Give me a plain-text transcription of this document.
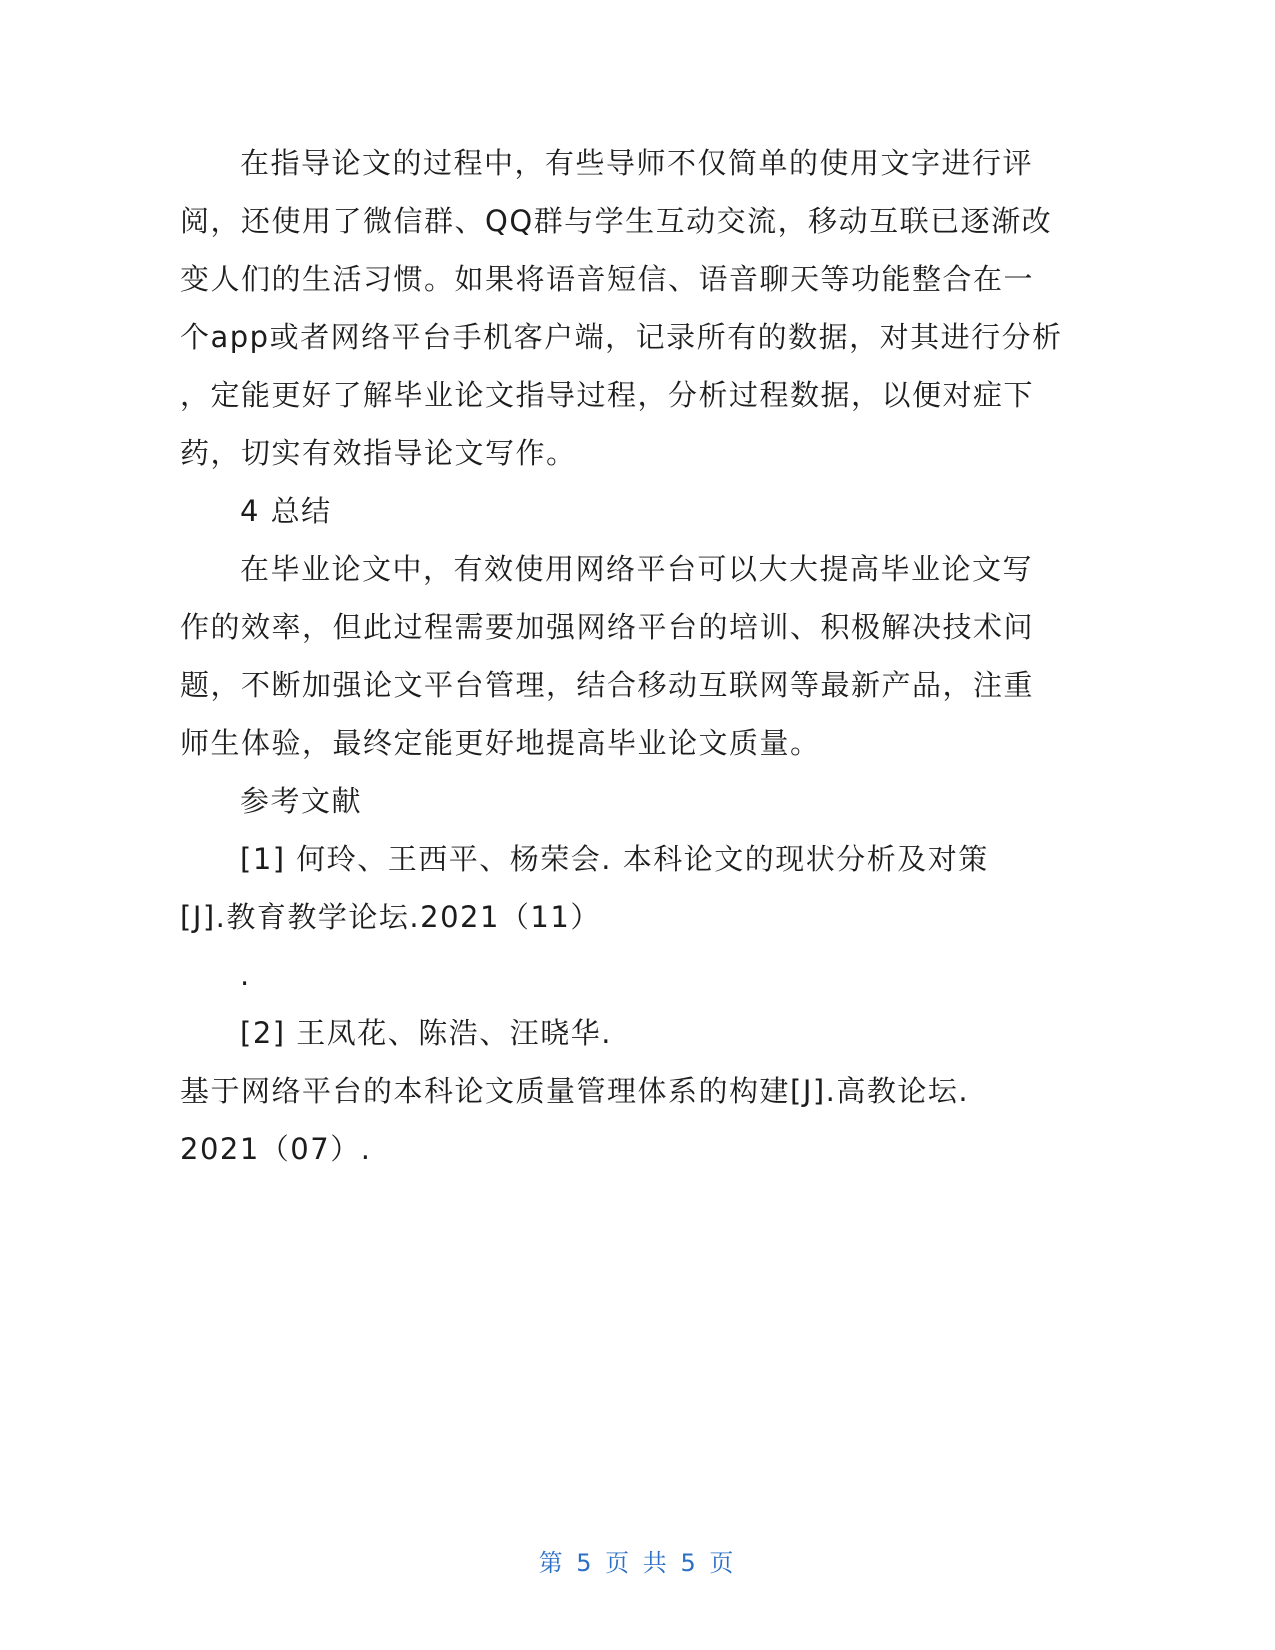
在指导论文的过程中，有些导师不仅简单的使用文字进行评

阅，还使用了微信群、QQ群与学生互动交流，移动互联已逐渐改

变人们的生活习惯。如果将语音短信、语音聊天等功能整合在一

个app或者网络平台手机客户端，记录所有的数据，对其进行分析

，定能更好了解毕业论文指导过程，分析过程数据，以便对症下

药，切实有效指导论文写作。

4 总结

在毕业论文中，有效使用网络平台可以大大提高毕业论文写

作的效率，但此过程需要加强网络平台的培训、积极解决技术问

题，不断加强论文平台管理，结合移动互联网等最新产品，注重

师生体验，最终定能更好地提高毕业论文质量。

参考文献

[1] 何玲、王西平、杨荣会. 本科论文的现状分析及对策

[J].教育教学论坛.2021（11）

.

[2] 王凤花、陈浩、汪晓华.

基于网络平台的本科论文质量管理体系的构建[J].高教论坛.

2021（07）.

第 5 页 共 5 页
